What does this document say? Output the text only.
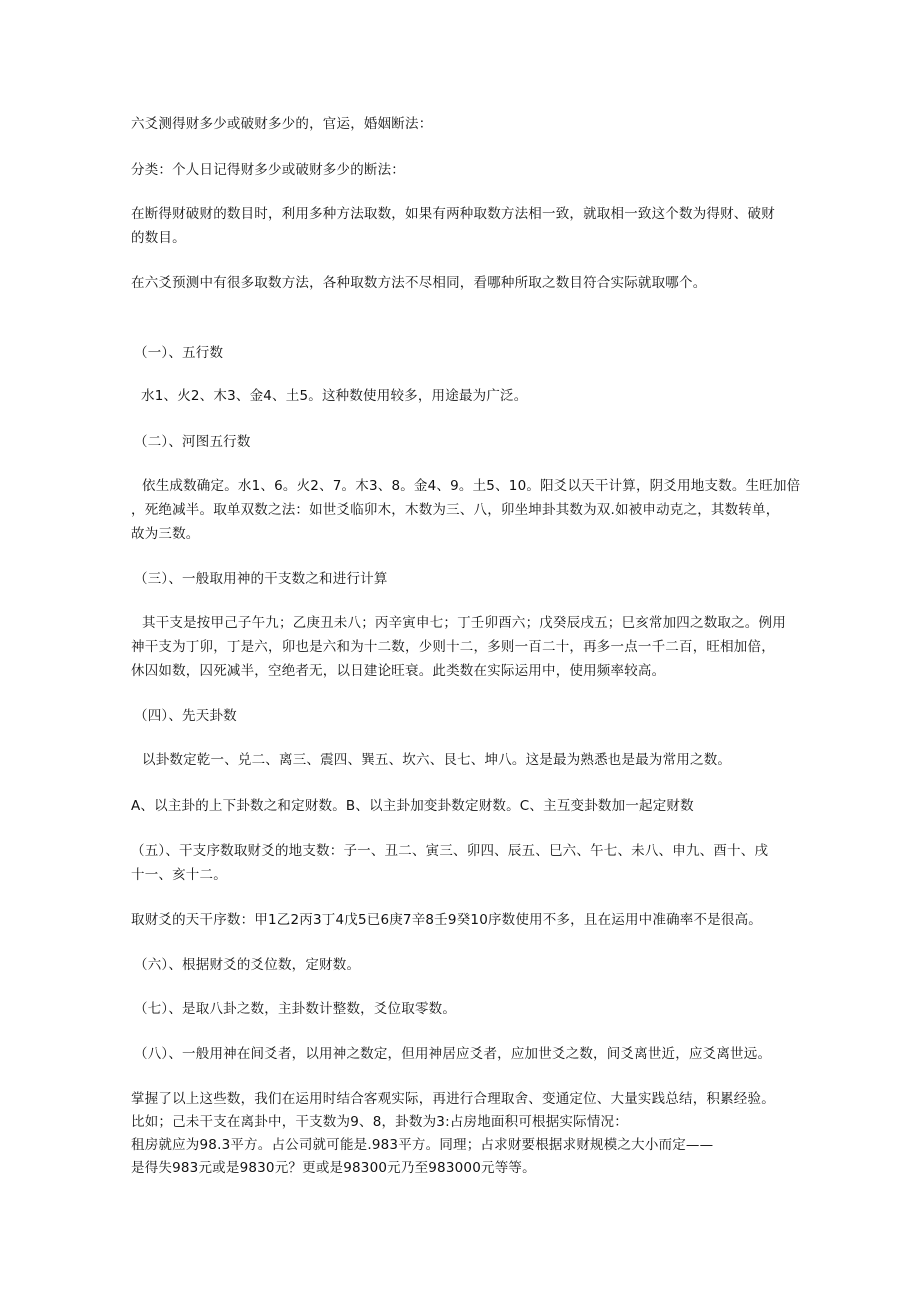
六爻测得财多少或破财多少的，官运，婚姻断法：
分类：个人日记得财多少或破财多少的断法：
在断得财破财的数目时，利用多种方法取数，如果有两种取数方法相一致，就取相一致这个数为得财、破财
的数目。
在六爻预测中有很多取数方法，各种取数方法不尽相同，看哪种所取之数目符合实际就取哪个。
（一）、五行数
水1、火2、木3、金4、土5。这种数使用较多，用途最为广泛。
（二）、河图五行数
依生成数确定。水1、6。火2、7。木3、8。金4、9。土5、10。阳爻以天干计算，阴爻用地支数。生旺加倍
，死绝减半。取单双数之法：如世爻临卯木，木数为三、八，卯坐坤卦其数为双.如被申动克之，其数转单，
故为三数。
（三）、一般取用神的干支数之和进行计算
其干支是按甲己子午九；乙庚丑未八；丙辛寅申七；丁壬卯酉六；戊癸辰戌五；巳亥常加四之数取之。例用
神干支为丁卯，丁是六，卯也是六和为十二数，少则十二，多则一百二十，再多一点一千二百，旺相加倍，
休囚如数，囚死减半，空绝者无，以日建论旺衰。此类数在实际运用中，使用频率较高。
（四）、先天卦数
以卦数定乾一、兑二、离三、震四、巽五、坎六、艮七、坤八。这是最为熟悉也是最为常用之数。
A、以主卦的上下卦数之和定财数。B、以主卦加变卦数定财数。C、主互变卦数加一起定财数
（五）、干支序数取财爻的地支数：子一、丑二、寅三、卯四、辰五、巳六、午七、未八、申九、酉十、戌
十一、亥十二。
取财爻的天干序数：甲1乙2丙3丁4戊5已6庚7辛8壬9癸10序数使用不多，且在运用中准确率不是很高。
（六）、根据财爻的爻位数，定财数。
（七）、是取八卦之数，主卦数计整数，爻位取零数。
（八）、一般用神在间爻者，以用神之数定，但用神居应爻者，应加世爻之数，间爻离世近，应爻离世远。
掌握了以上这些数，我们在运用时结合客观实际，再进行合理取舍、变通定位、大量实践总结，积累经验。
比如；己未干支在离卦中，干支数为9、8，卦数为3:占房地面积可根据实际情况：
租房就应为98.3平方。占公司就可能是.983平方。同理；占求财要根据求财规模之大小而定——
是得失983元或是9830元？更或是98300元乃至983000元等等。
